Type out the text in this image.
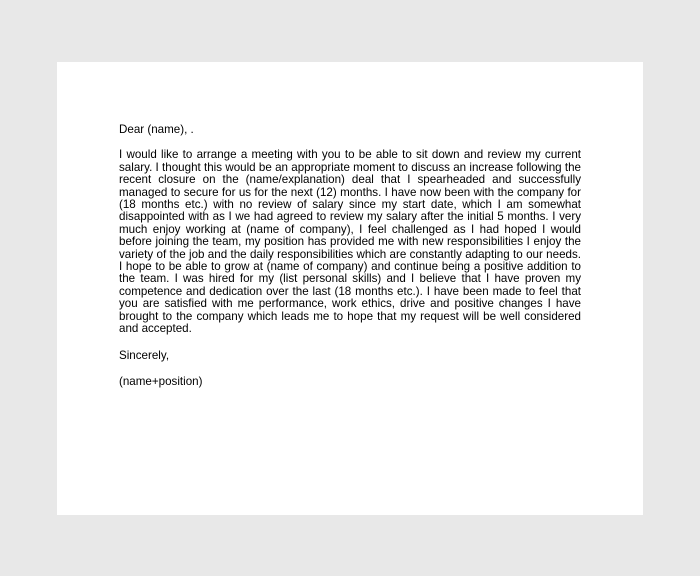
Dear (name), .

I would like to arrange a meeting with you to be able to sit down and review my current salary. I thought this would be an appropriate moment to discuss an increase following the recent closure on the (name/explanation) deal that I spearheaded and successfully managed to secure for us for the next (12) months. I have now been with the company for (18 months etc.) with no review of salary since my start date, which I am somewhat disappointed with as I we had agreed to review my salary after the initial 5 months. I very much enjoy working at (name of company), I feel challenged as I had hoped I would before joining the team, my position has provided me with new responsibilities I enjoy the variety of the job and the daily responsibilities which are constantly adapting to our needs. I hope to be able to grow at (name of company) and continue being a positive addition to the team. I was hired for my (list personal skills) and I believe that I have proven my competence and dedication over the last (18 months etc.). I have been made to feel that you are satisfied with me performance, work ethics, drive and positive changes I have brought to the company which leads me to hope that my request will be well considered and accepted.

Sincerely,

(name+position)
